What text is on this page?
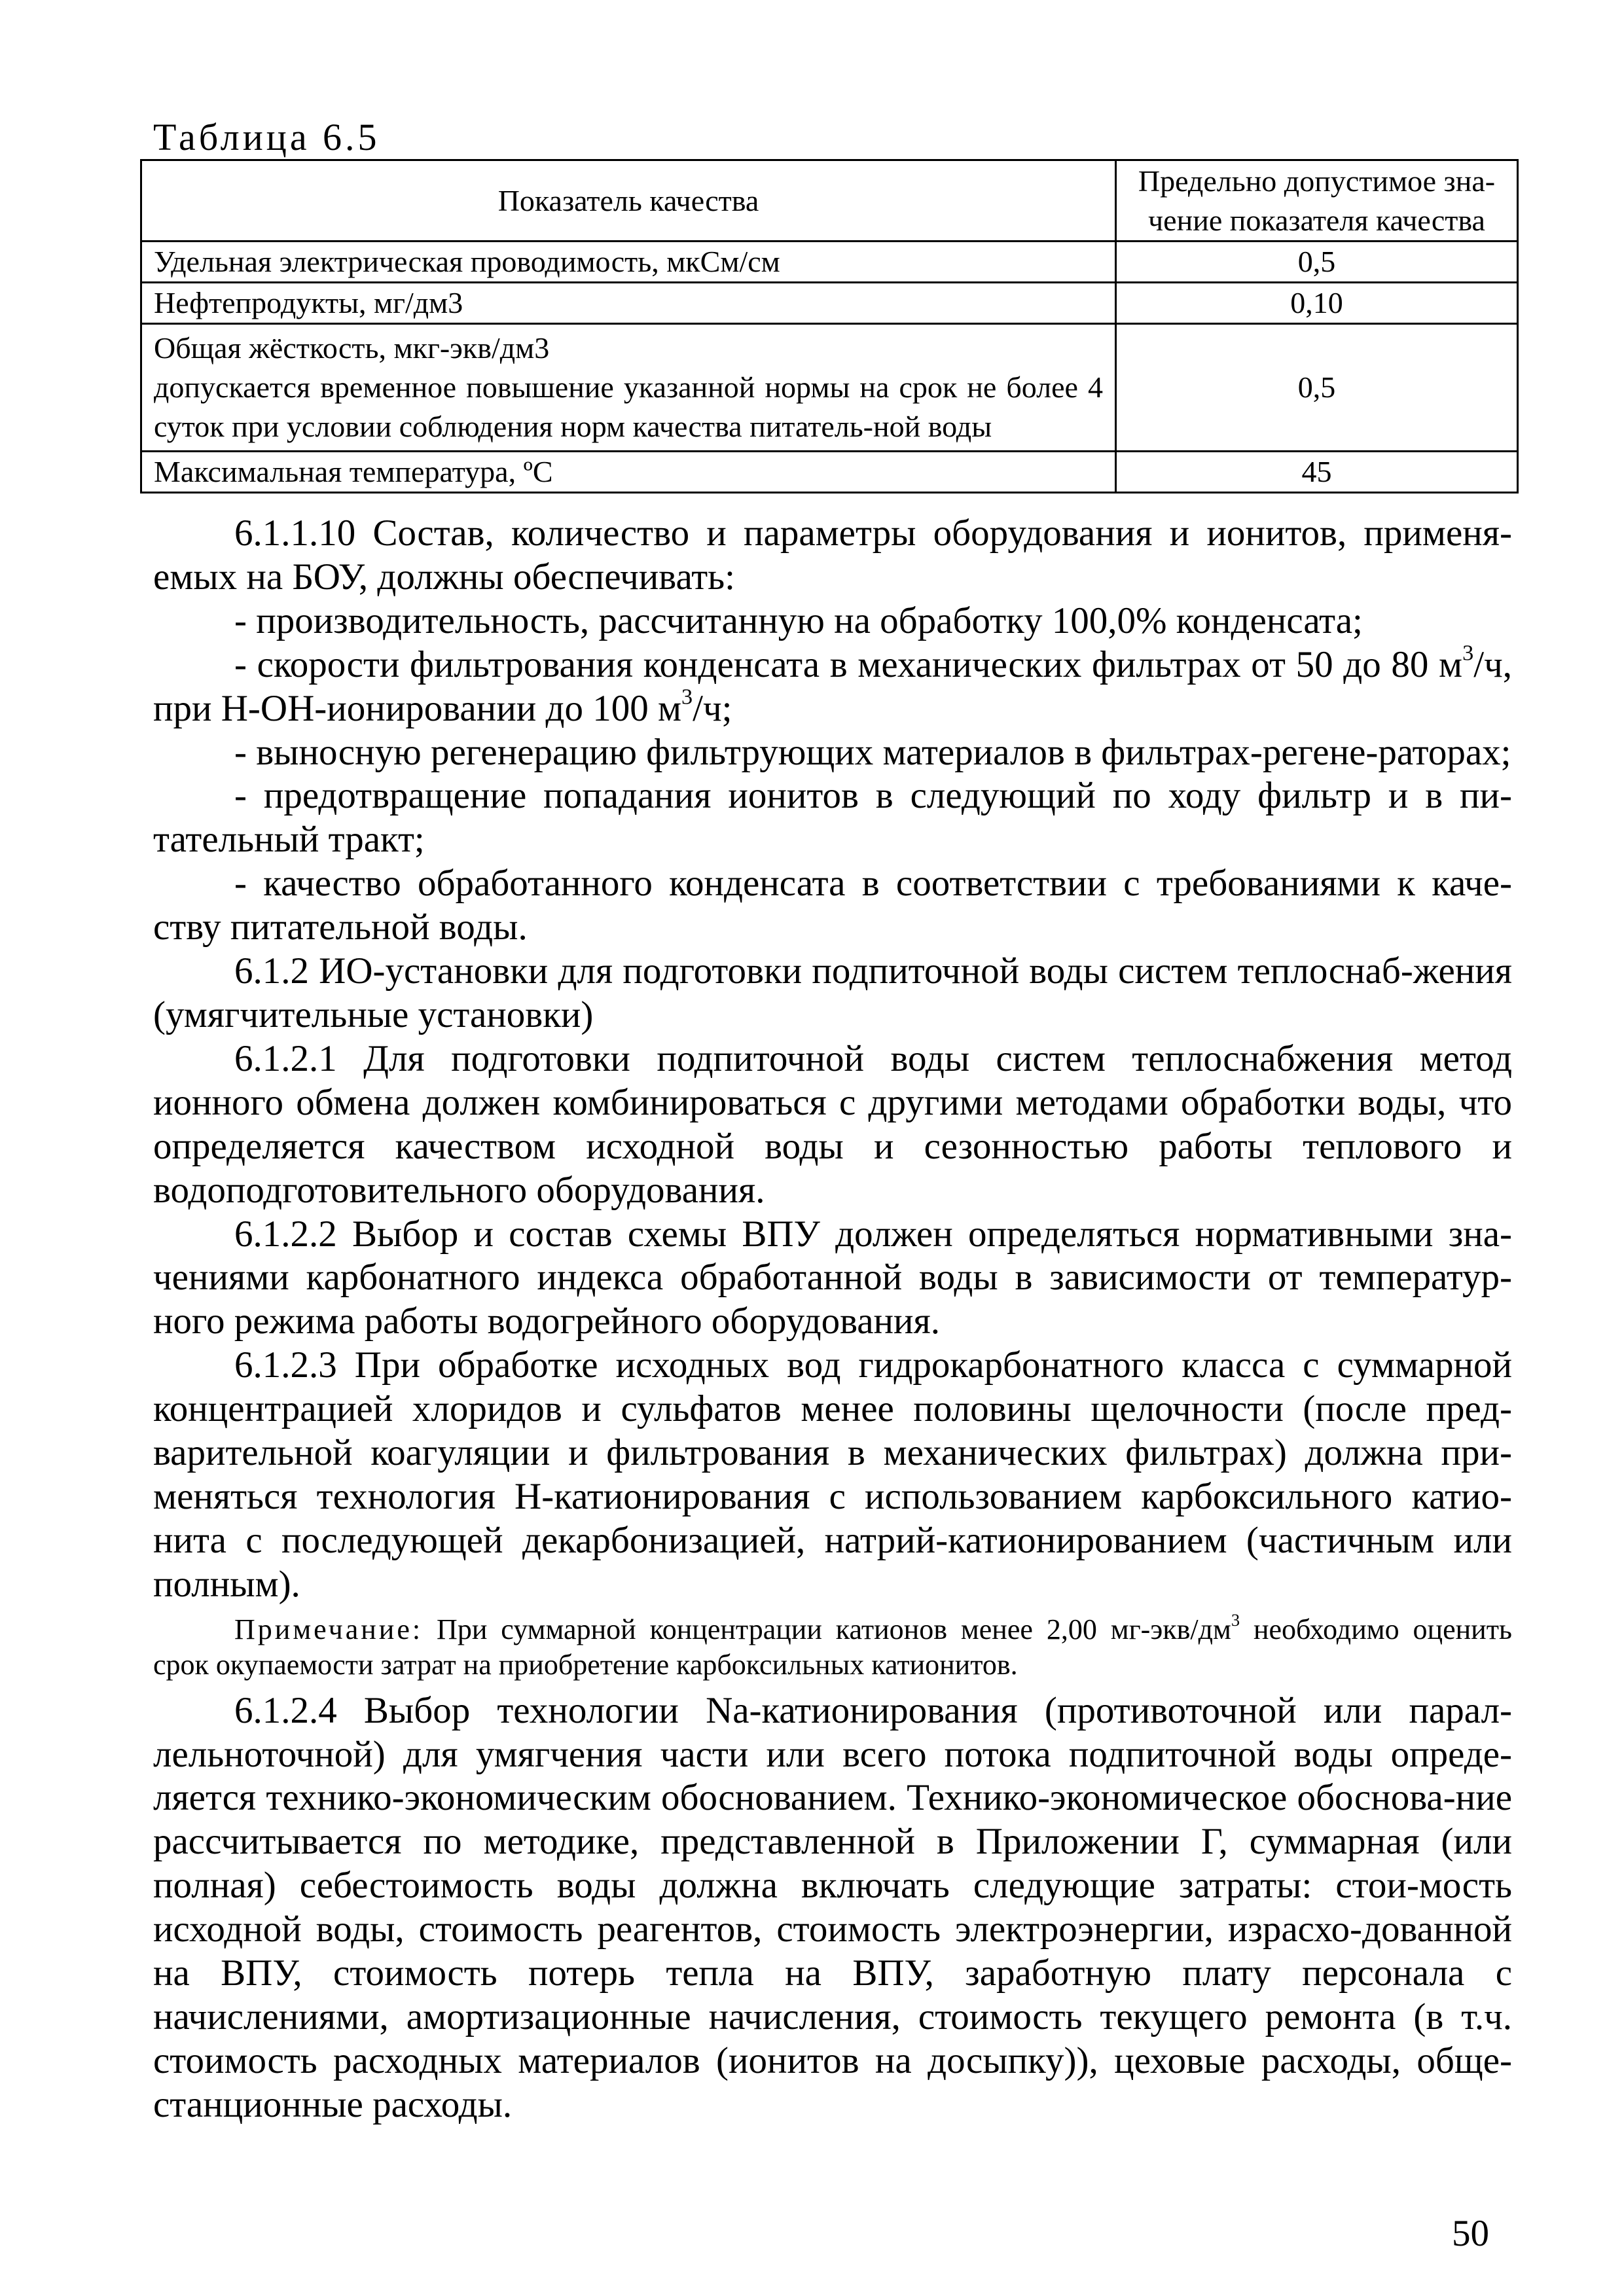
Таблица 6.5
Показатель качества	Предельно допустимое зна-
чение показателя качества

Удельная электрическая проводимость, мкСм/см	0,5
Нефтепродукты, мг/дм3	0,10

Общая жёсткость, мкг-экв/дм3
допускается временное повышение указанной нормы на срок не более 4 суток при условии соблюдения норм качества питатель-ной воды	0,5
Максимальная температура, ºС	45

6.1.1.10 Состав, количество и параметры оборудования и ионитов, применя-емых на БОУ, должны обеспечивать:

- производительность, рассчитанную на обработку 100,0% конденсата;

- скорости фильтрования конденсата в механических фильтрах от 50 до 80 $м^3/ч$, при Н-ОН-ионировании до 100 $м^3/ч$;

- выносную регенерацию фильтрующих материалов в фильтрах-регене-раторах;

- предотвращение попадания ионитов в следующий по ходу фильтр и в пи-тательный тракт;

- качество обработанного конденсата в соответствии с требованиями к каче-ству питательной воды.

6.1.2 ИО-установки для подготовки подпиточной воды систем теплоснаб-жения (умягчительные установки)

6.1.2.1 Для подготовки подпиточной воды систем теплоснабжения метод ионного обмена должен комбинироваться с другими методами обработки воды, что определяется качеством исходной воды и сезонностью работы теплового и водоподготовительного оборудования.

6.1.2.2 Выбор и состав схемы ВПУ должен определяться нормативными зна-чениями карбонатного индекса обработанной воды в зависимости от температур-ного режима работы водогрейного оборудования.

6.1.2.3 При обработке исходных вод гидрокарбонатного класса с суммарной концентрацией хлоридов и сульфатов менее половины щелочности (после пред-варительной коагуляции и фильтрования в механических фильтрах) должна при-меняться технология Н-катионирования с использованием карбоксильного катио-нита с последующей декарбонизацией, натрий-катионированием (частичным или полным).

Примечание: При суммарной концентрации катионов менее 2,00 $мг-экв/дм^3$ необходимо оценить срок окупаемости затрат на приобретение карбоксильных катионитов.

6.1.2.4 Выбор технологии Na-катионирования (противоточной или парал-лельноточной) для умягчения части или всего потока подпиточной воды опреде-ляется технико-экономическим обоснованием. Технико-экономическое обоснова-ние рассчитывается по методике, представленной в Приложении Г, суммарная (или полная) себестоимость воды должна включать следующие затраты: стои-мость исходной воды, стоимость реагентов, стоимость электроэнергии, израсхо-дованной на ВПУ, стоимость потерь тепла на ВПУ, заработную плату персонала с начислениями, амортизационные начисления, стоимость текущего ремонта (в т.ч. стоимость расходных материалов (ионитов на досыпку)), цеховые расходы, обще-станционные расходы.

50
